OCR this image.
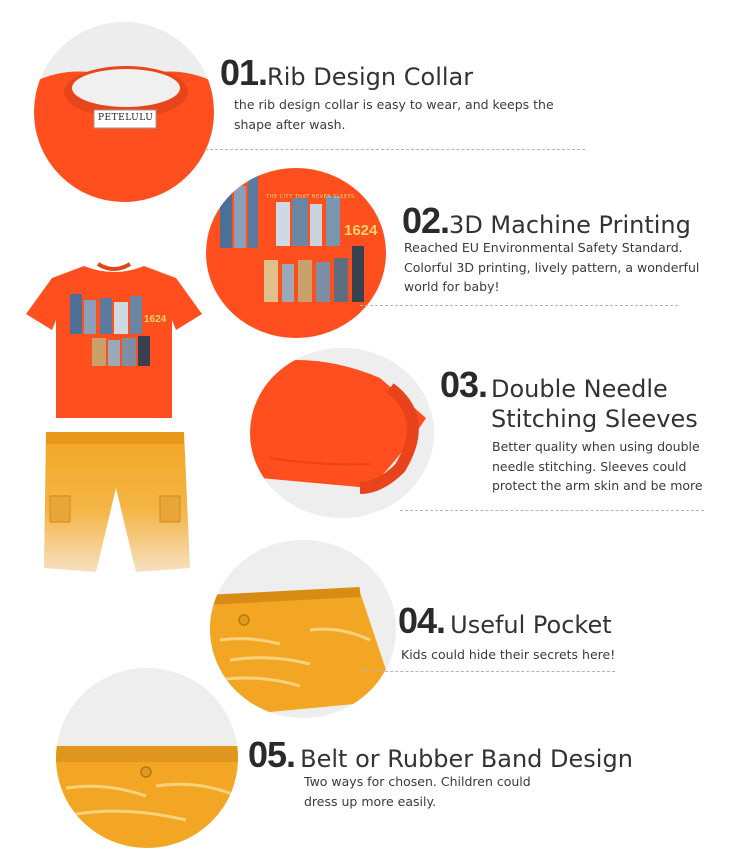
PETELULU
01.Rib Design Collar
the rib design collar is easy to wear, and keeps the
shape after wash.
THE CITY THAT NEVER SLEEPS
1624 02.3D Machine Printing
Reached EU Environmental Safety Standard.
Colorful 3D printing, lively pattern, a wonderful
world for baby!
1624
03. Double Needle
Stitching Sleeves
Better quality when using double
needle stitching. Sleeves could
protect the arm skin and be more
04. Useful Pocket
Kids could hide their secrets here!
05. Belt or Rubber Band Design
Two ways for chosen. Children could
dress up more easily.
